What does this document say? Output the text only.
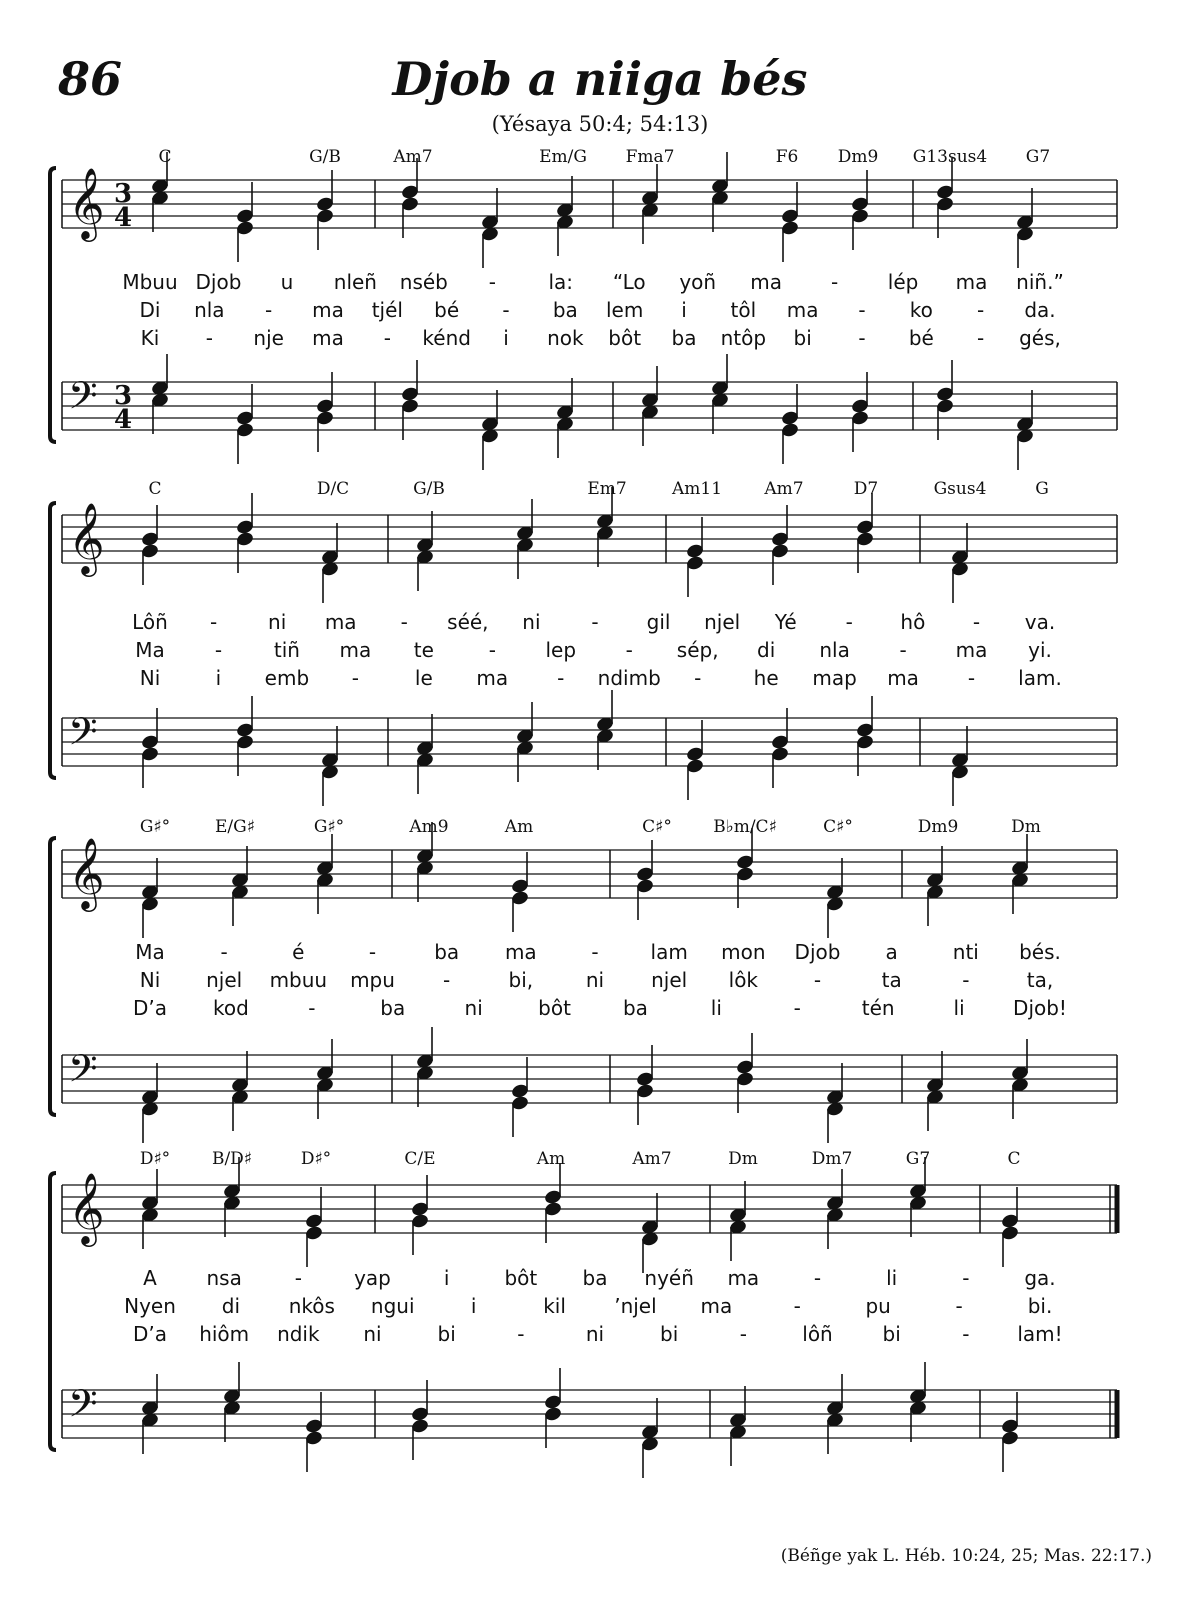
86	Djob a niiga bés
(Yésaya 50:4; 54:13)
𝄞 3
4
𝄢 3
4
C	G/B	Am7	Em/G Fma7	F6 Dm9 G13sus4 G7
Mbuu Djob u nleñ nséb -	la: “Lo yoñ ma - lép ma niñ.”
Di nla - ma tjél bé - ba lem i tôl ma - ko - da.
Ki - nje ma - kénd i nok bôt ba ntôp bi - bé - gés,
𝄞
𝄢
C	D/C	G/B	Em7	Am11 Am7	D7	Gsus4	G
Lôñ -	ni ma - séé, ni	- gil njel Yé - hô - va.
Ma	-	tiñ ma te	- lep - sép, di nla - ma yi.
Ni	i emb -	le ma - ndimb -	he map ma - lam.
𝄞
𝄢
G♯°	E/G♯	G♯°	Am9	Am	C♯° B♭m/C♯	C♯°	Dm9	Dm
Ma	-	é	-	ba ma	-	lam mon Djob a	nti bés.
Ni njel mbuu mpu -	bi,	ni njel lôk	-	ta	-	ta,
D’a kod	-	ba	ni	bôt	ba	li	-	tén	li Djob!
𝄞
𝄢
D♯° B/D♯	D♯°	C/E	Am	Am7	Dm	Dm7	G7	C
A nsa	-	yap	i	bôt ba nyéñ ma	-	li	-	ga.
Nyen di nkôs ngui	i	kil ’njel ma	-	pu	-	bi.
D’a hiôm ndik ni	bi	-	ni	bi	-	lôñ bi	- lam!
(Béñge yak L. Héb. 10:24, 25; Mas. 22:17.)
